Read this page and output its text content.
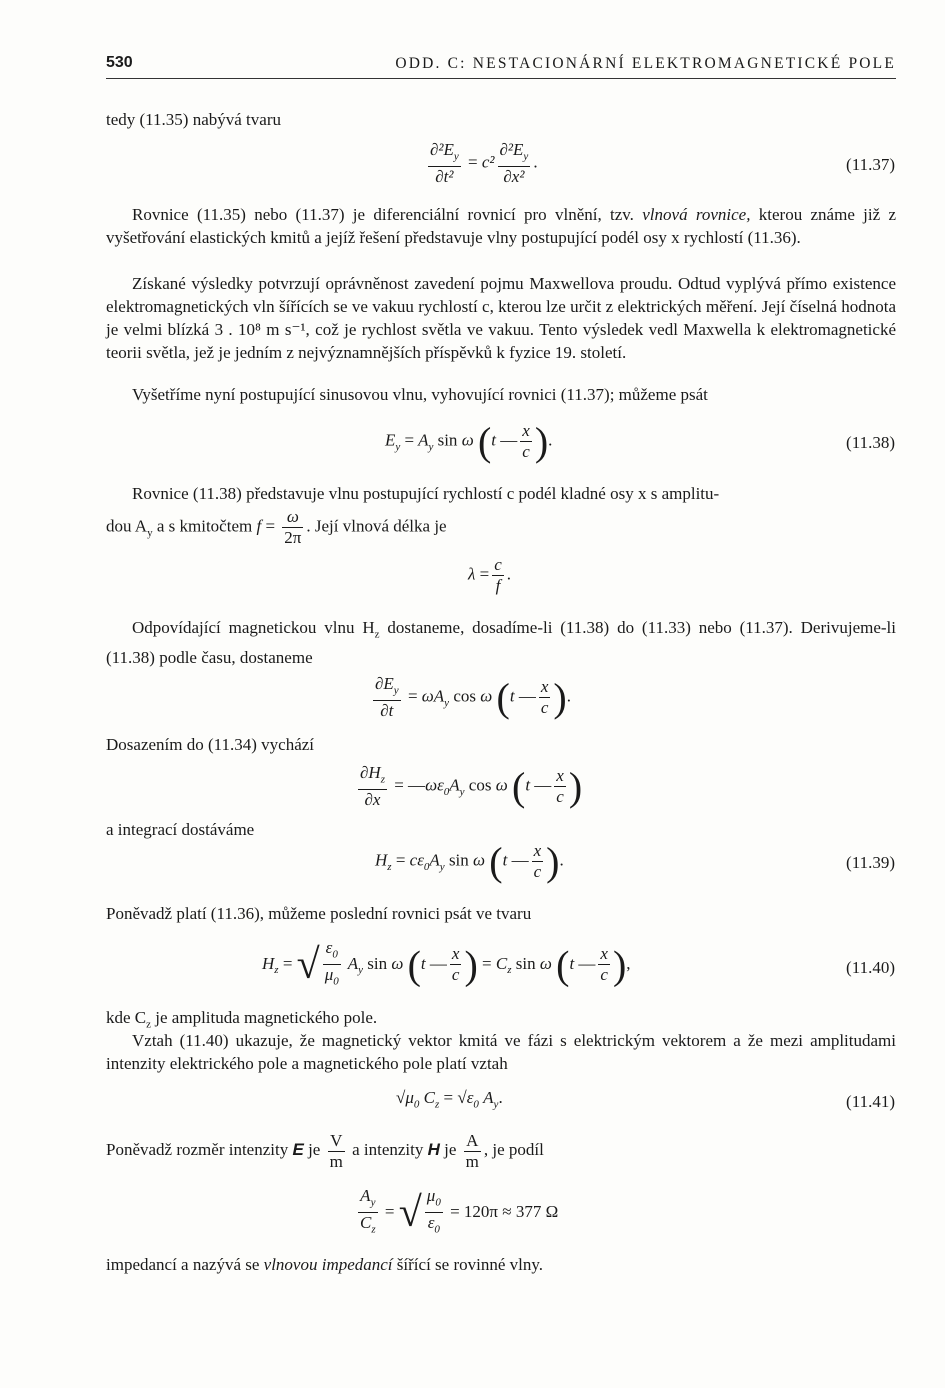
530	ODD. C: NESTACIONÁRNÍ ELEKTROMAGNETICKÉ POLE

tedy (11.35) nabývá tvaru

$\frac{\partial^2E_y}{\text{∂t²}} = c^2 \frac{\partial^2E_y}{\text{∂x²}}$ .	(11.37)

Rovnice (11.35) nebo (11.37) je diferenciální rovnicí pro vlnění, tzv. vlnová rovnice, kterou známe již z vyšetřování elastických kmitů a jejíž řešení představuje vlny postupující podél osy x rychlostí (11.36).

Získané výsledky potvrzují oprávněnost zavedení pojmu Maxwellova proudu. Odtud vyplývá přímo existence elektromagnetických vln šířících se ve vakuu rychlostí c, kterou lze určit z elektrických měření. Její číselná hodnota je velmi blízká 3 . 10⁸ m s⁻¹, což je rychlost světla ve vakuu. Tento výsledek vedl Maxwella k elektromagnetické teorii světla, jež je jedním z nejvýznamnějších příspěvků k fyzice 19. století.

Vyšetříme nyní postupující sinusovou vlnu, vyhovující rovnici (11.37); můžeme psát

$E_y = A_y$ sin ω (t — $\frac{x}{c}$ ).	(11.38)

Rovnice (11.38) představuje vlnu postupující rychlostí c podél kladné osy x s amplitu-

dou $A_y$ a s kmitočtem $f = \frac{\omega}{2\pi}$ . Její vlnová délka je

$\lambda = \frac{c}{f}$ .

Odpovídající magnetickou vlnu $H_z$ dostaneme, dosadíme-li (11.38) do (11.33) nebo (11.37). Derivujeme-li (11.38) podle času, dostaneme

$\frac{\partial E_y}{\partial t} = \omega A_y$ cos ω (t — $\frac{x}{c}$ ).

Dosazením do (11.34) vychází

$\frac{\partial H_z}{\partial x}$ = $—\omega\varepsilon_0A_y$ cos ω (t — $\frac{x}{c}$ )

a integrací dostáváme

$H_z = c\varepsilon_0A_y$ sin ω (t — $\frac{x}{c}$ ).	(11.39)

Poněvadž platí (11.36), můžeme poslední rovnici psát ve tvaru

$H_z$ = √ $\frac{\varepsilon_0}{\mu_0} A_y$ sin ω (t — $\frac{x}{c}$ ) = $C_z$ sin ω (t — $\frac{x}{c}$ ),	(11.40)

kde $C_z$ je amplituda magnetického pole.

Vztah (11.40) ukazuje, že magnetický vektor kmitá ve fázi s elektrickým vektorem a že mezi amplitudami intenzity elektrického pole a magnetického pole platí vztah

$√\mu_0$ $C_z = √\varepsilon_0$ $A_y$.	(11.41)

Poněvadž rozměr intenzity E je $\frac{V}{m}$ a intenzity H je $\frac{A}{m}$ , je podíl

$\frac{A_y}{C_z}$ = √ $\frac{\mu_0}{\varepsilon_0} = 120\pi \approx 377$ Ω

impedancí a nazývá se vlnovou impedancí šířící se rovinné vlny.
